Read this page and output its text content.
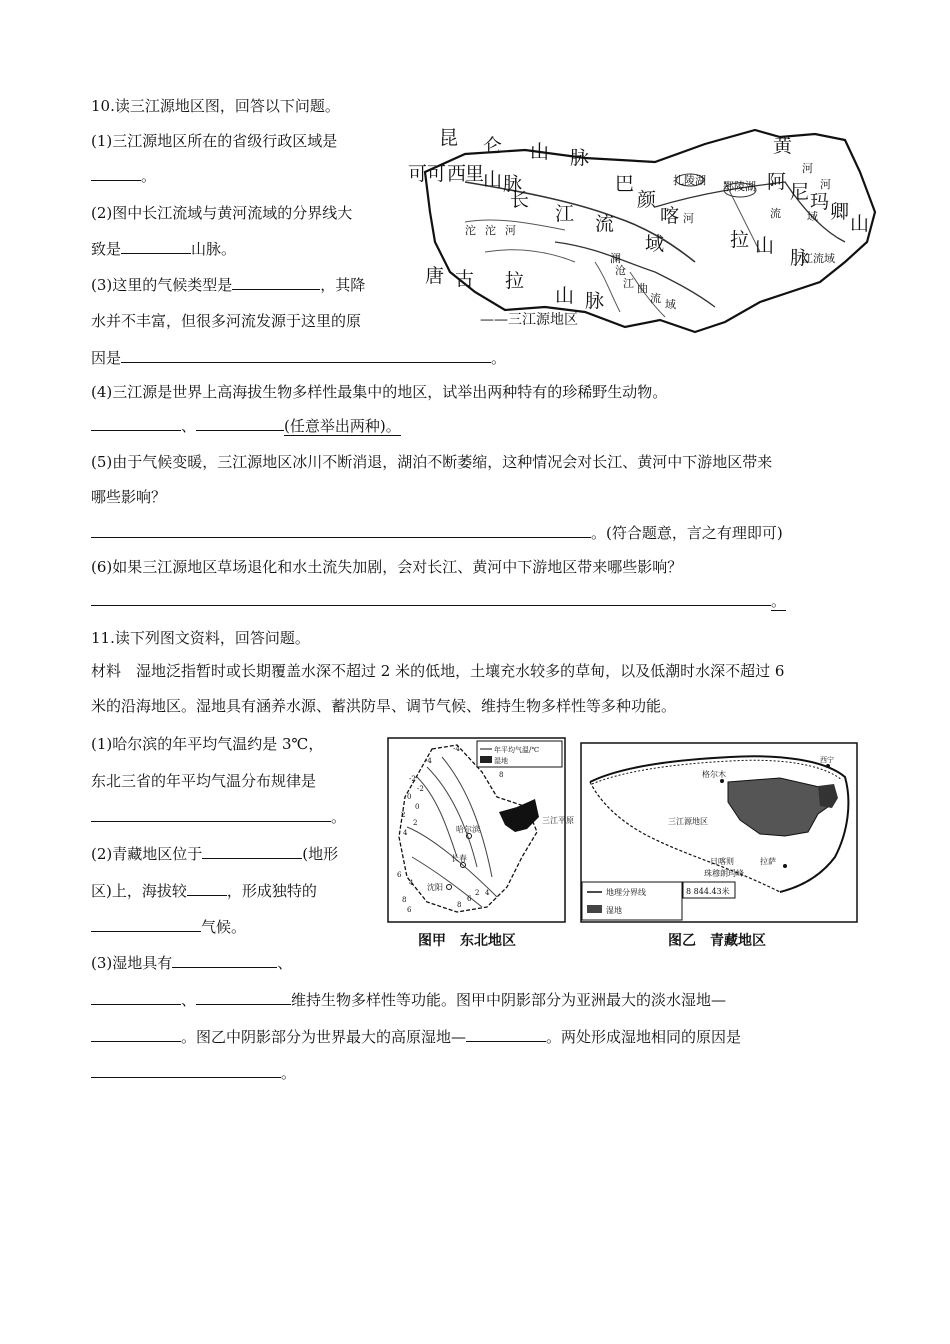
10.读三江源地区图，回答以下问题。
(1)三江源地区所在的省级行政区域是
。
(2)图中长江流域与黄河流域的分界线大
致是	山脉。
(3)这里的气候类型是	，其降
水并不丰富，但很多河流发源于这里的原
因是	。
(4)三江源是世界上高海拔生物多样性最集中的地区，试举出两种特有的珍稀野生动物。
、	(任意举出两种)。
(5)由于气候变暖，三江源地区冰川不断消退，湖泊不断萎缩，这种情况会对长江、黄河中下游地区带来
哪些影响？
。(符合题意，言之有理即可)
(6)如果三江源地区草场退化和水土流失加剧，会对长江、黄河中下游地区带来哪些影响？
。
昆 仑 山 脉
可 可 西
里
山 脉	巴
颜
喀
长
江 流
域
黄
阿 尼 玛 卿
山
拉 山
脉
唐 古 拉
山 脉
扎陵湖 鄂陵湖
沱 沱 河
河
河
流 域
江流域
澜
沧
江 曲
流 域
河
——三江源地区
11.读下列图文资料，回答问题。
材料　湿地泛指暂时或长期覆盖水深不超过 2 米的低地，土壤充水较多的草甸，以及低潮时水深不超过 6
米的沿海地区。湿地具有涵养水源、蓄洪防旱、调节气候、维持生物多样性等多种功能。
(1)哈尔滨的年平均气温约是 3℃，
东北三省的年平均气温分布规律是
。
(2)青藏地区位于	(地形
区)上，海拔较	，形成独特的
气候。
(3)湿地具有	、
、	维持生物多样性等功能。图甲中阴影部分为亚洲最大的淡水湿地—
。图乙中阴影部分为世界最大的高原湿地—	。两处形成湿地相同的原因是
。
年平均气温/℃
湿地
哈尔滨
长春
沈阳
三江平原
-4
-2
0
2
4
6
8
-4
-2
0
2
4
6
8
2 4
6
8
图甲　东北地区
格尔木
西宁
三江源地区
日喀则	拉萨
珠穆朗玛峰
地理分界线
湿地
8 844.43米
图乙　青藏地区
